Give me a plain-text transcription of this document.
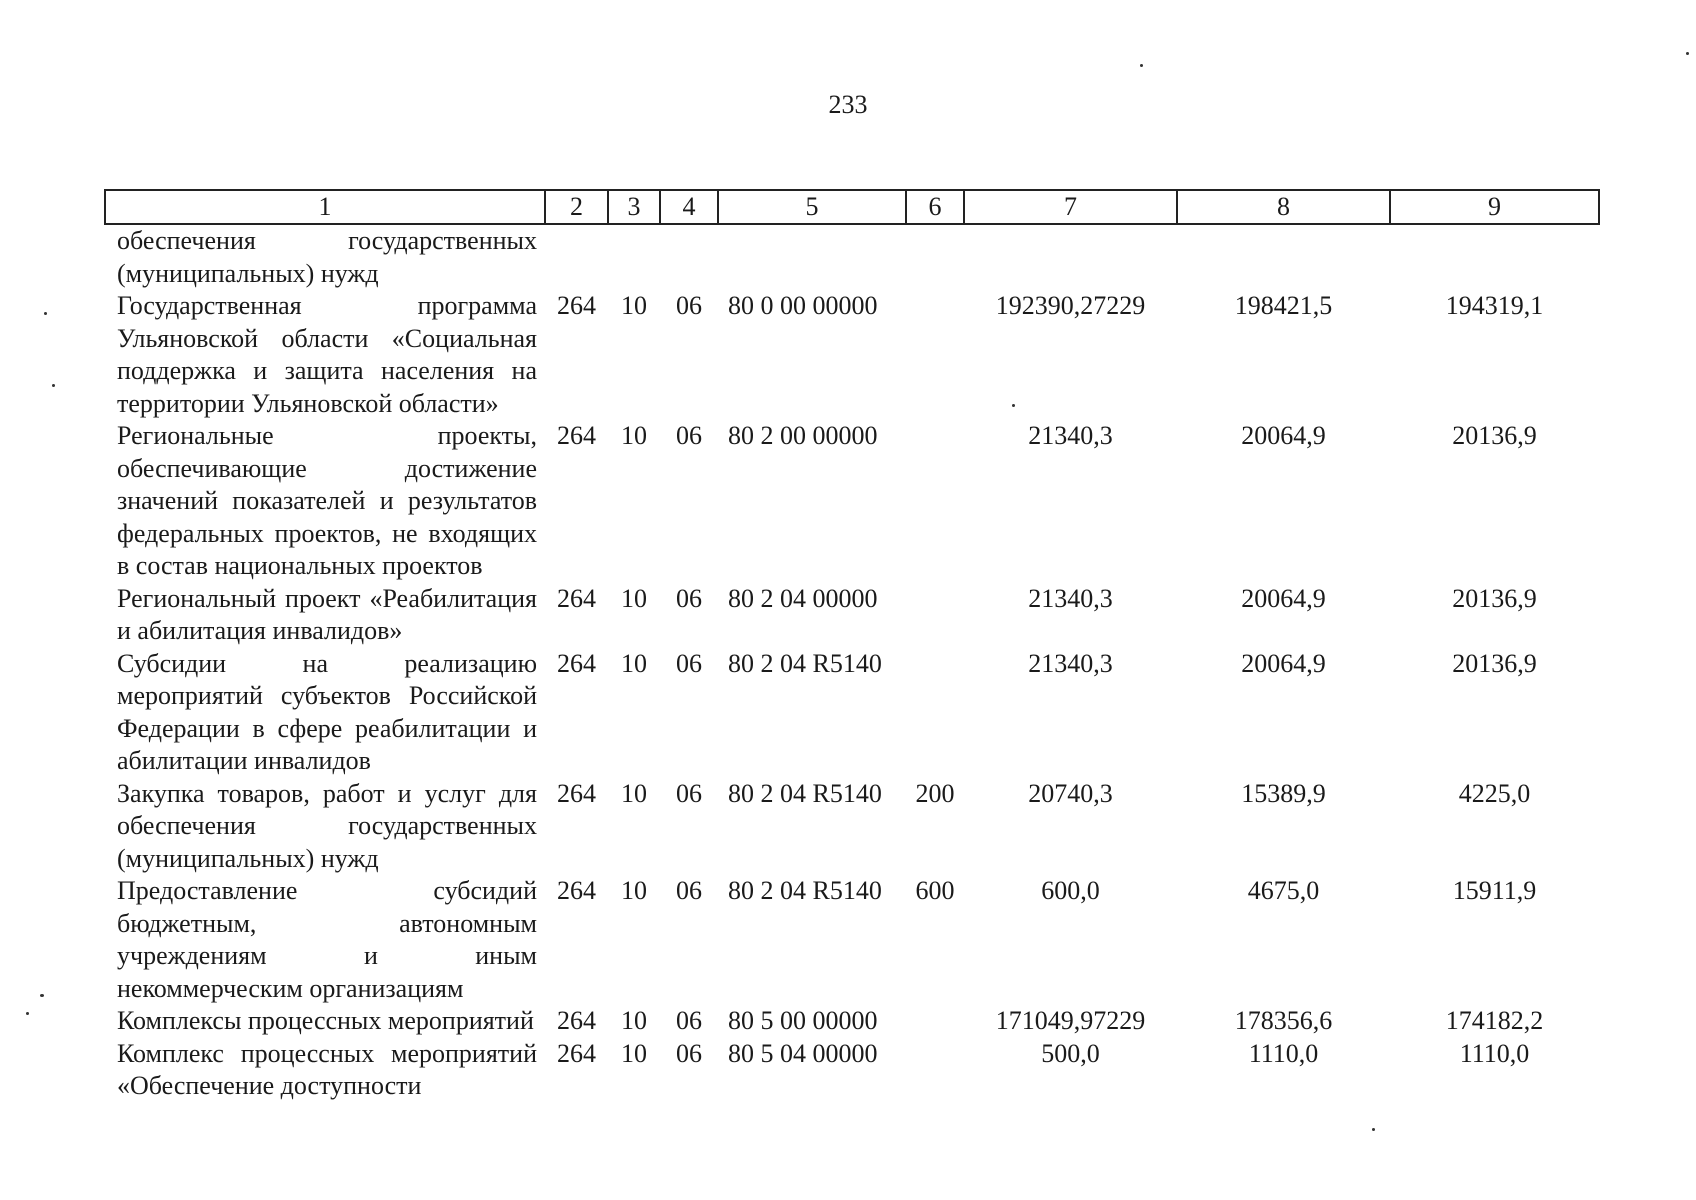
233
1	2	3	4	5	6	7	8	9
обеспечения государственных (муниципальных) нужд								
Государственная программа Ульяновской области «Социальная поддержка и защита населения на территории Ульяновской области»	264	10	06	80 0 00 00000		192390,27229	198421,5	194319,1
Региональные проекты, обеспечивающие достижение значений показателей и результатов федеральных проектов, не входящих в состав национальных проектов	264	10	06	80 2 00 00000		21340,3	20064,9	20136,9
Региональный проект «Реабилитация и абилитация инвалидов»	264	10	06	80 2 04 00000		21340,3	20064,9	20136,9
Субсидии на реализацию мероприятий субъектов Российской Федерации в сфере реабилитации и абилитации инвалидов	264	10	06	80 2 04 R5140		21340,3	20064,9	20136,9
Закупка товаров, работ и услуг для обеспечения государственных (муниципальных) нужд	264	10	06	80 2 04 R5140	200	20740,3	15389,9	4225,0
Предоставление субсидий бюджетным, автономным учреждениям и иным некоммерческим организациям	264	10	06	80 2 04 R5140	600	600,0	4675,0	15911,9
Комплексы процессных мероприятий	264	10	06	80 5 00 00000		171049,97229	178356,6	174182,2
Комплекс процессных мероприятий «Обеспечение доступности	264	10	06	80 5 04 00000		500,0	1110,0	1110,0
